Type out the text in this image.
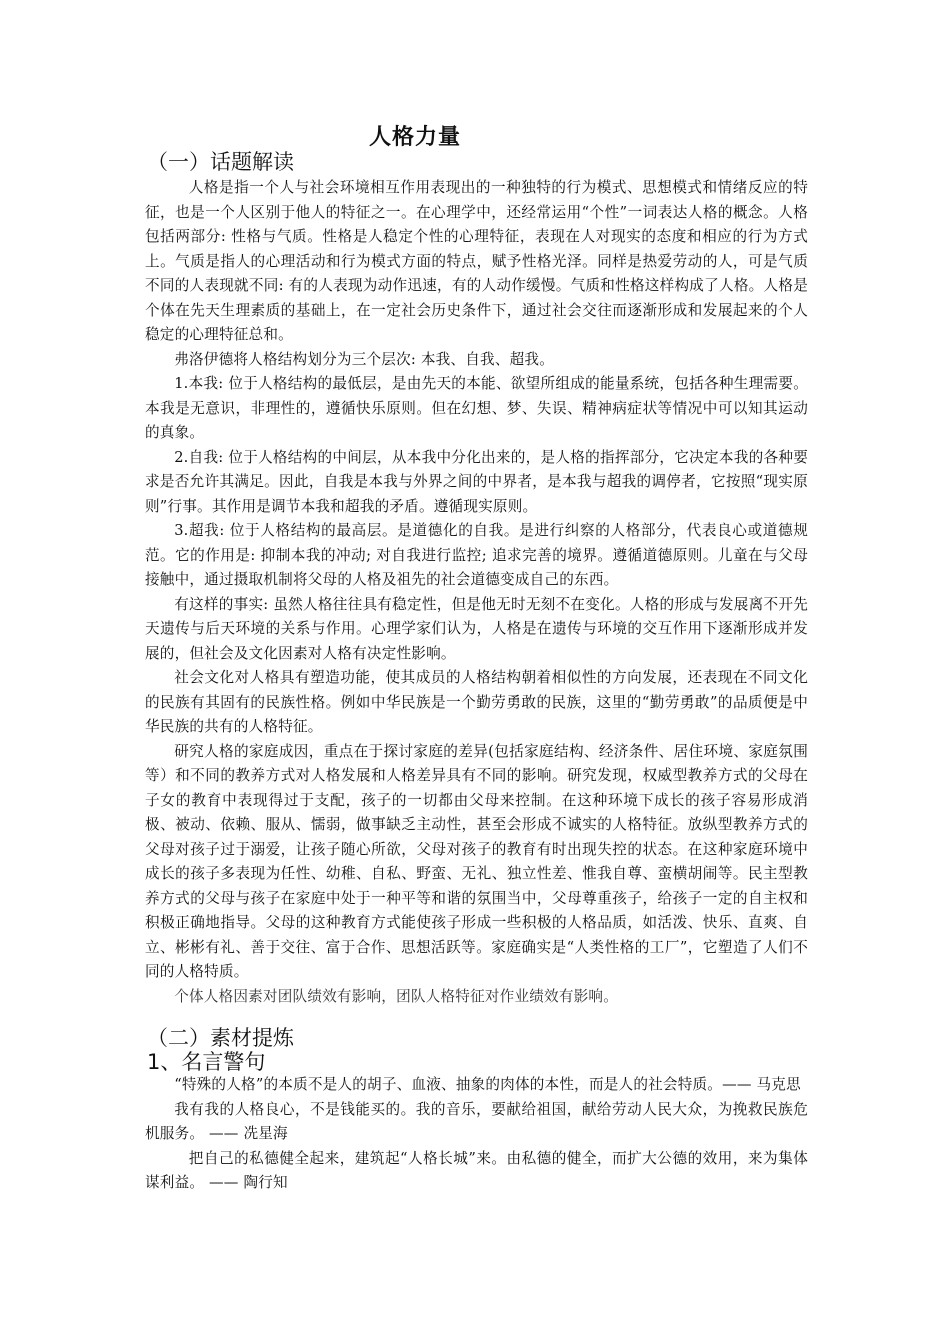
人格力量
（一）话题解读

人格是指一个人与社会环境相互作用表现出的一种独特的行为模式、思想模式和情绪反应的特征，也是一个人区别于他人的特征之一。在心理学中，还经常运用“个性”一词表达人格的概念。人格包括两部分: 性格与气质。性格是人稳定个性的心理特征，表现在人对现实的态度和相应的行为方式上。气质是指人的心理活动和行为模式方面的特点，赋予性格光泽。同样是热爱劳动的人，可是气质不同的人表现就不同: 有的人表现为动作迅速，有的人动作缓慢。气质和性格这样构成了人格。人格是个体在先天生理素质的基础上，在一定社会历史条件下，通过社会交往而逐渐形成和发展起来的个人稳定的心理特征总和。

弗洛伊德将人格结构划分为三个层次: 本我、自我、超我。

1.本我: 位于人格结构的最低层，是由先天的本能、欲望所组成的能量系统，包括各种生理需要。本我是无意识，非理性的，遵循快乐原则。但在幻想、梦、失误、精神病症状等情况中可以知其运动的真象。

2.自我: 位于人格结构的中间层，从本我中分化出来的，是人格的指挥部分，它决定本我的各种要求是否允许其满足。因此，自我是本我与外界之间的中界者，是本我与超我的调停者，它按照“现实原则”行事。其作用是调节本我和超我的矛盾。遵循现实原则。

3.超我: 位于人格结构的最高层。是道德化的自我。是进行纠察的人格部分，代表良心或道德规范。它的作用是: 抑制本我的冲动; 对自我进行监控; 追求完善的境界。遵循道德原则。儿童在与父母接触中，通过摄取机制将父母的人格及祖先的社会道德变成自己的东西。

有这样的事实: 虽然人格往往具有稳定性，但是他无时无刻不在变化。人格的形成与发展离不开先天遗传与后天环境的关系与作用。心理学家们认为，人格是在遗传与环境的交互作用下逐渐形成并发展的，但社会及文化因素对人格有决定性影响。

社会文化对人格具有塑造功能，使其成员的人格结构朝着相似性的方向发展，还表现在不同文化的民族有其固有的民族性格。例如中华民族是一个勤劳勇敢的民族，这里的“勤劳勇敢”的品质便是中华民族的共有的人格特征。

研究人格的家庭成因，重点在于探讨家庭的差异(包括家庭结构、经济条件、居住环境、家庭氛围等）和不同的教养方式对人格发展和人格差异具有不同的影响。研究发现，权威型教养方式的父母在子女的教育中表现得过于支配，孩子的一切都由父母来控制。在这种环境下成长的孩子容易形成消极、被动、依赖、服从、懦弱，做事缺乏主动性，甚至会形成不诚实的人格特征。放纵型教养方式的父母对孩子过于溺爱，让孩子随心所欲，父母对孩子的教育有时出现失控的状态。在这种家庭环境中成长的孩子多表现为任性、幼稚、自私、野蛮、无礼、独立性差、惟我自尊、蛮横胡闹等。民主型教养方式的父母与孩子在家庭中处于一种平等和谐的氛围当中，父母尊重孩子，给孩子一定的自主权和积极正确地指导。父母的这种教育方式能使孩子形成一些积极的人格品质，如活泼、快乐、直爽、自立、彬彬有礼、善于交往、富于合作、思想活跃等。家庭确实是“人类性格的工厂”，它塑造了人们不同的人格特质。

个体人格因素对团队绩效有影响，团队人格特征对作业绩效有影响。

（二）素材提炼
1、名言警句

“特殊的人格”的本质不是人的胡子、血液、抽象的肉体的本性，而是人的社会特质。—— 马克思

我有我的人格良心，不是钱能买的。我的音乐，要献给祖国，献给劳动人民大众，为挽救民族危机服务。 —— 冼星海

把自己的私德健全起来，建筑起“人格长城”来。由私德的健全，而扩大公德的效用，来为集体谋利益。 —— 陶行知
